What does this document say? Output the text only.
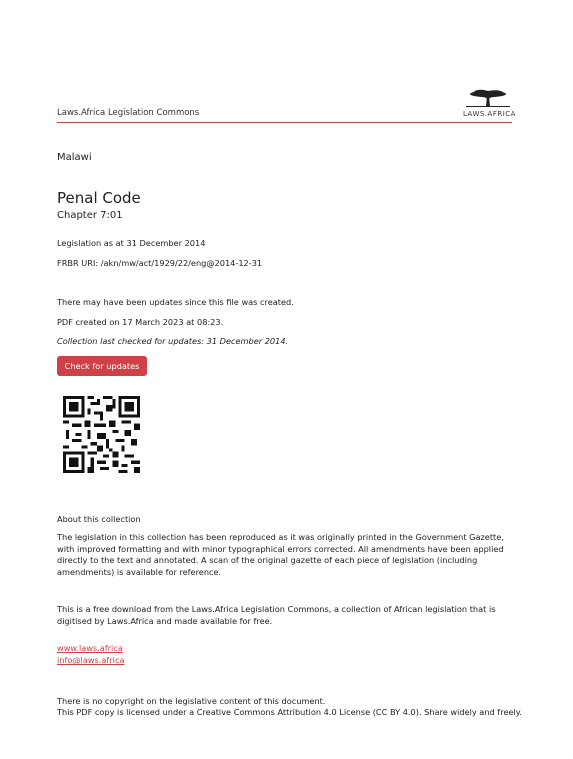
Laws.Africa Legislation Commons	LAWS.AFRICA
Malawi
Penal Code
Chapter 7:01
Legislation as at 31 December 2014
FRBR URI: /akn/mw/act/1929/22/eng@2014-12-31
There may have been updates since this file was created.
PDF created on 17 March 2023 at 08:23.
Collection last checked for updates: 31 December 2014.
Check for updates
About this collection
The legislation in this collection has been reproduced as it was originally printed in the Government Gazette, with improved formatting and with minor typographical errors corrected. All amendments have been applied directly to the text and annotated. A scan of the original gazette of each piece of legislation (including amendments) is available for reference.
This is a free download from the Laws.Africa Legislation Commons, a collection of African legislation that is digitised by Laws.Africa and made available for free.
www.laws.africa
info@laws.africa
There is no copyright on the legislative content of this document.
This PDF copy is licensed under a Creative Commons Attribution 4.0 License (CC BY 4.0). Share widely and freely.
